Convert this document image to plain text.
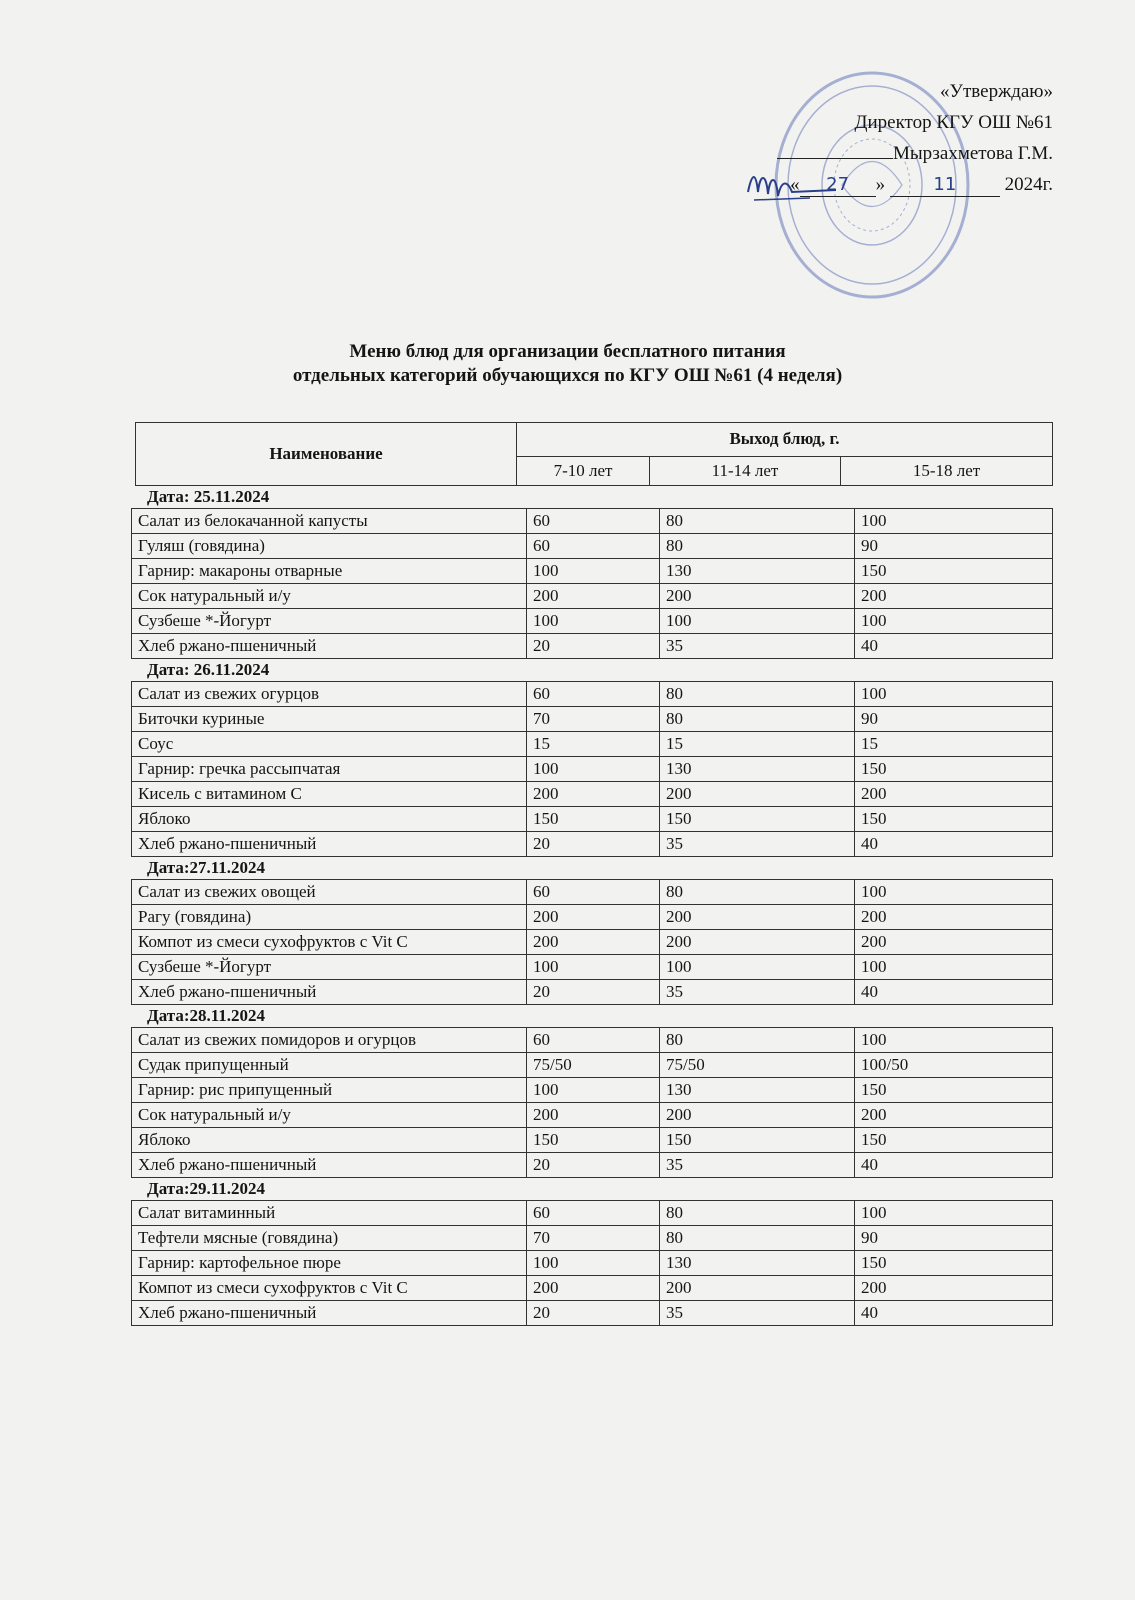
«Утверждаю»
Директор КГУ ОШ №61
Мырзахметова Г.М.
« 27 »	11	2024г.
Меню блюд для организации бесплатного питания
отдельных категорий обучающихся по КГУ ОШ №61 (4 неделя)
Наименование	Выход блюд, г.		
	7-10 лет	11-14 лет	15-18 лет
Дата: 25.11.2024
Салат из белокачанной капусты	60	80	100
Гуляш (говядина)	60	80	90
Гарнир: макароны отварные	100	130	150
Сок натуральный и/у	200	200	200
Сузбеше *-Йогурт	100	100	100
Хлеб ржано-пшеничный	20	35	40
Дата: 26.11.2024
Салат из свежих огурцов	60	80	100
Биточки куриные	70	80	90
Соус	15	15	15
Гарнир: гречка рассыпчатая	100	130	150
Кисель с витамином С	200	200	200
Яблоко	150	150	150
Хлеб ржано-пшеничный	20	35	40
Дата:27.11.2024
Салат из свежих овощей	60	80	100
Рагу (говядина)	200	200	200
Компот из смеси сухофруктов с Vit C	200	200	200
Сузбеше *-Йогурт	100	100	100
Хлеб ржано-пшеничный	20	35	40
Дата:28.11.2024
Салат из свежих помидоров и огурцов	60	80	100
Судак припущенный	75/50	75/50	100/50
Гарнир: рис припущенный	100	130	150
Сок натуральный и/у	200	200	200
Яблоко	150	150	150
Хлеб ржано-пшеничный	20	35	40
Дата:29.11.2024
Салат витаминный	60	80	100
Тефтели мясные (говядина)	70	80	90
Гарнир: картофельное пюре	100	130	150
Компот из смеси сухофруктов с Vit C	200	200	200
Хлеб ржано-пшеничный	20	35	40
